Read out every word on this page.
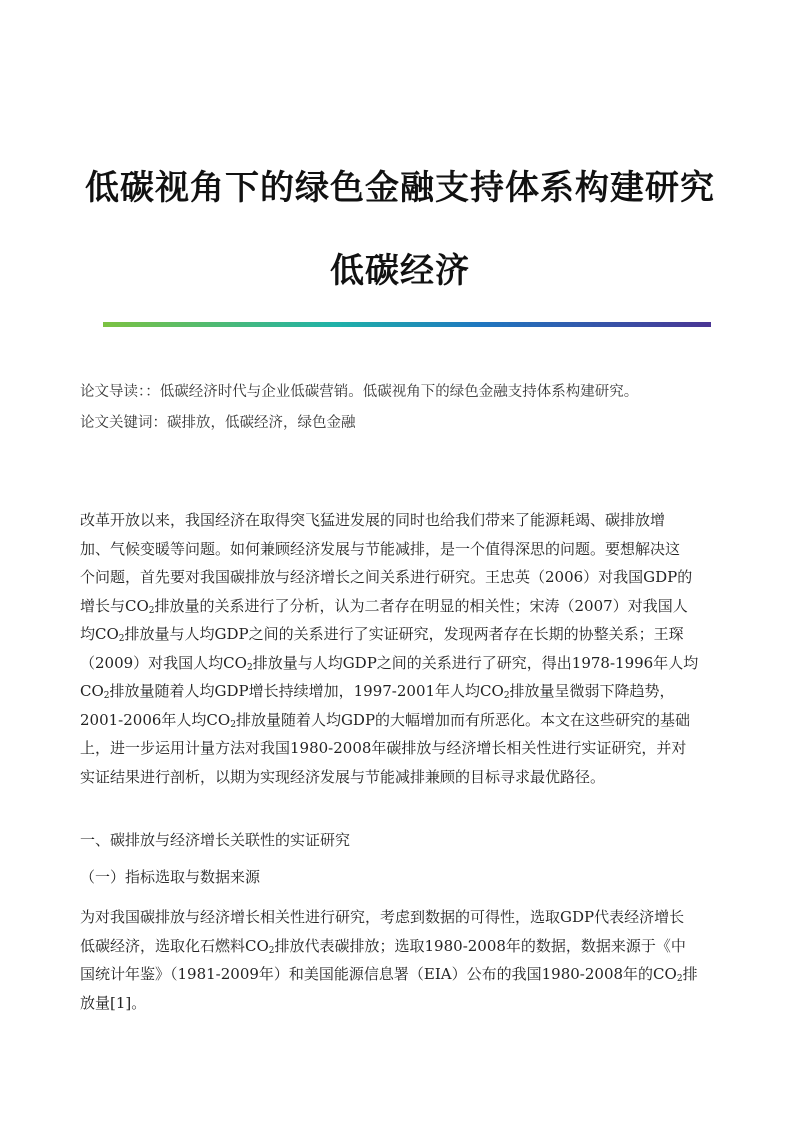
低碳视角下的绿色金融支持体系构建研究
低碳经济
论文导读：：低碳经济时代与企业低碳营销。低碳视角下的绿色金融支持体系构建研究。
论文关键词：碳排放，低碳经济，绿色金融
改革开放以来，我国经济在取得突飞猛进发展的同时也给我们带来了能源耗竭、碳排放增
加、气候变暖等问题。如何兼顾经济发展与节能减排，是一个值得深思的问题。要想解决这
个问题，首先要对我国碳排放与经济增长之间关系进行研究。王忠英（2006）对我国GDP的
增长与$CO_2$排放量的关系进行了分析，认为二者存在明显的相关性；宋涛（2007）对我国人
均$CO_2$排放量与人均GDP之间的关系进行了实证研究，发现两者存在长期的协整关系；王琛
（2009）对我国人均$CO_2$排放量与人均GDP之间的关系进行了研究，得出1978-1996年人均
$CO_2$排放量随着人均GDP增长持续增加，1997-2001年人均$CO_2$排放量呈微弱下降趋势，
2001-2006年人均$CO_2$排放量随着人均GDP的大幅增加而有所恶化。本文在这些研究的基础
上，进一步运用计量方法对我国1980-2008年碳排放与经济增长相关性进行实证研究，并对
实证结果进行剖析，以期为实现经济发展与节能减排兼顾的目标寻求最优路径。
一、碳排放与经济增长关联性的实证研究
（一）指标选取与数据来源
为对我国碳排放与经济增长相关性进行研究，考虑到数据的可得性，选取GDP代表经济增长
低碳经济，选取化石燃料$CO_2$排放代表碳排放；选取1980-2008年的数据，数据来源于《中
国统计年鉴》（1981-2009年）和美国能源信息署（EIA）公布的我国1980-2008年的$CO_2$排
放量[1]。
